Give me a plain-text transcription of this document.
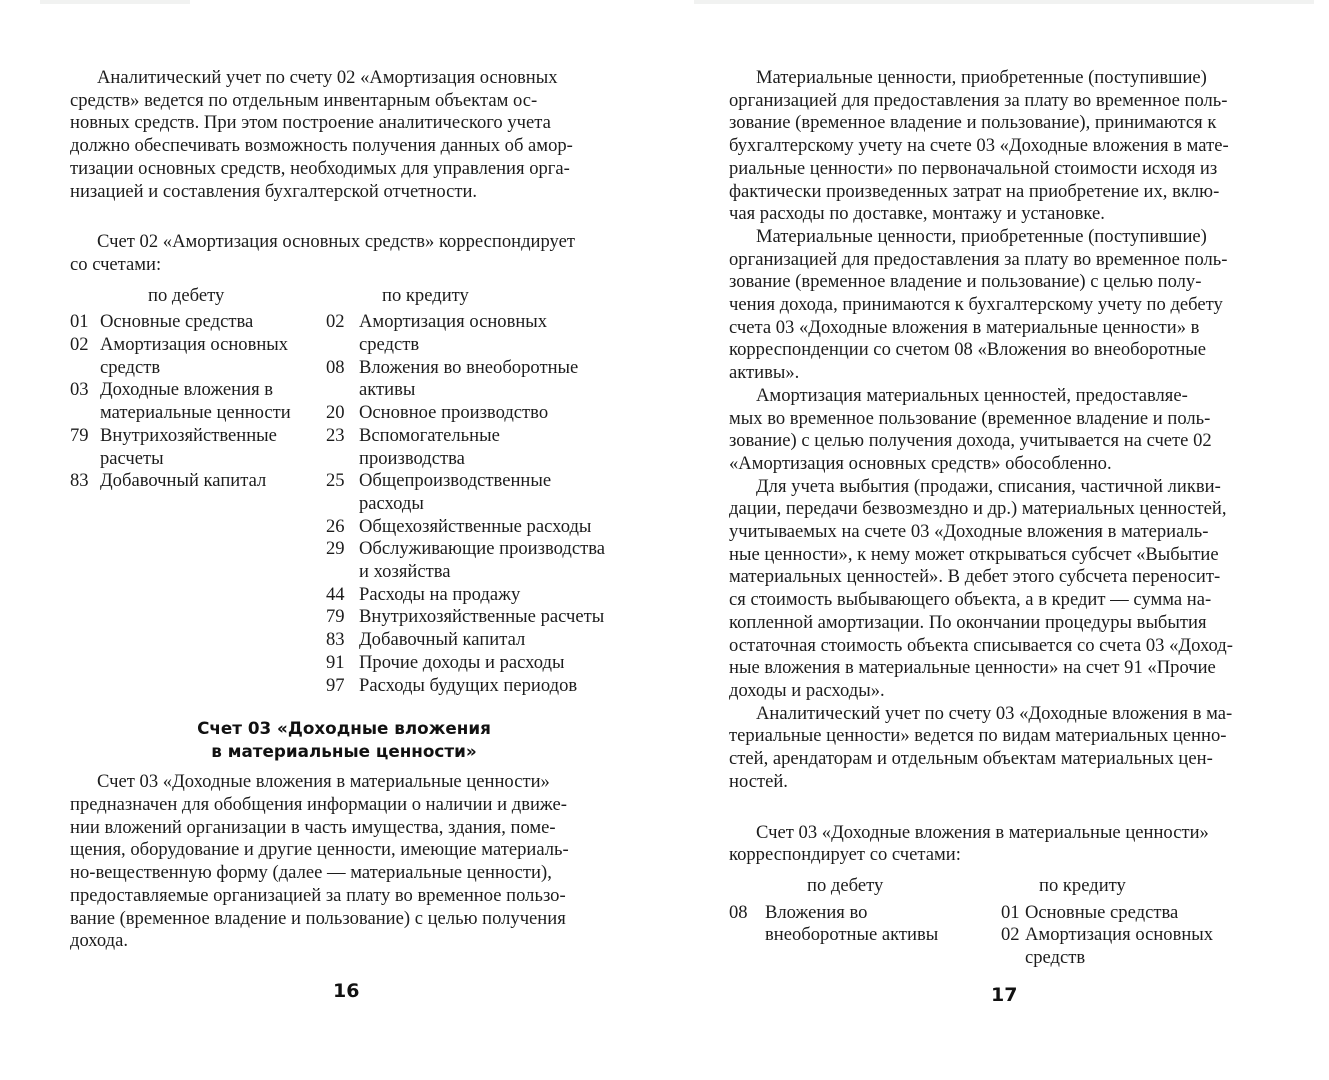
Аналитический учет по счету 02 «Амортизация основных
средств» ведется по отдельным инвентарным объектам ос-
новных средств. При этом построение аналитического учета
должно обеспечивать возможность получения данных об амор-
тизации основных средств, необходимых для управления орга-
низацией и составления бухгалтерской отчетности.

Счет 02 «Амортизация основных средств» корреспондирует
со счетами:

по дебету	по кредиту
01 Основные средства
02 Амортизация основных
средств
03 Доходные вложения в
материальные ценности
79 Внутрихозяйственные
расчеты
83 Добавочный капитал
02 Амортизация основных
средств
08 Вложения во внеоборотные
активы
20 Основное производство
23 Вспомогательные
производства
25 Общепроизводственные
расходы
26 Общехозяйственные расходы
29 Обслуживающие производства
и хозяйства
44 Расходы на продажу
79 Внутрихозяйственные расчеты
83 Добавочный капитал
91 Прочие доходы и расходы
97 Расходы будущих периодов
Счет 03 «Доходные вложения
в материальные ценности»

Счет 03 «Доходные вложения в материальные ценности»
предназначен для обобщения информации о наличии и движе-
нии вложений организации в часть имущества, здания, поме-
щения, оборудование и другие ценности, имеющие материаль-
но-вещественную форму (далее — материальные ценности),
предоставляемые организацией за плату во временное пользо-
вание (временное владение и пользование) с целью получения
дохода.

16

Материальные ценности, приобретенные (поступившие)
организацией для предоставления за плату во временное поль-
зование (временное владение и пользование), принимаются к
бухгалтерскому учету на счете 03 «Доходные вложения в мате-
риальные ценности» по первоначальной стоимости исходя из
фактически произведенных затрат на приобретение их, вклю-
чая расходы по доставке, монтажу и установке.

Материальные ценности, приобретенные (поступившие)
организацией для предоставления за плату во временное поль-
зование (временное владение и пользование) с целью полу-
чения дохода, принимаются к бухгалтерскому учету по дебету
счета 03 «Доходные вложения в материальные ценности» в
корреспонденции со счетом 08 «Вложения во внеоборотные
активы».

Амортизация материальных ценностей, предоставляе-
мых во временное пользование (временное владение и поль-
зование) с целью получения дохода, учитывается на счете 02
«Амортизация основных средств» обособленно.

Для учета выбытия (продажи, списания, частичной ликви-
дации, передачи безвозмездно и др.) материальных ценностей,
учитываемых на счете 03 «Доходные вложения в материаль-
ные ценности», к нему может открываться субсчет «Выбытие
материальных ценностей». В дебет этого субсчета переносит-
ся стоимость выбывающего объекта, а в кредит — сумма на-
копленной амортизации. По окончании процедуры выбытия
остаточная стоимость объекта списывается со счета 03 «Доход-
ные вложения в материальные ценности» на счет 91 «Прочие
доходы и расходы».

Аналитический учет по счету 03 «Доходные вложения в ма-
териальные ценности» ведется по видам материальных ценно-
стей, арендаторам и отдельным объектам материальных цен-
ностей.

Счет 03 «Доходные вложения в материальные ценности»
корреспондирует со счетами:

по дебету	по кредиту
08 Вложения во
внеоборотные активы
01 Основные средства
02 Амортизация основных
средств
17
